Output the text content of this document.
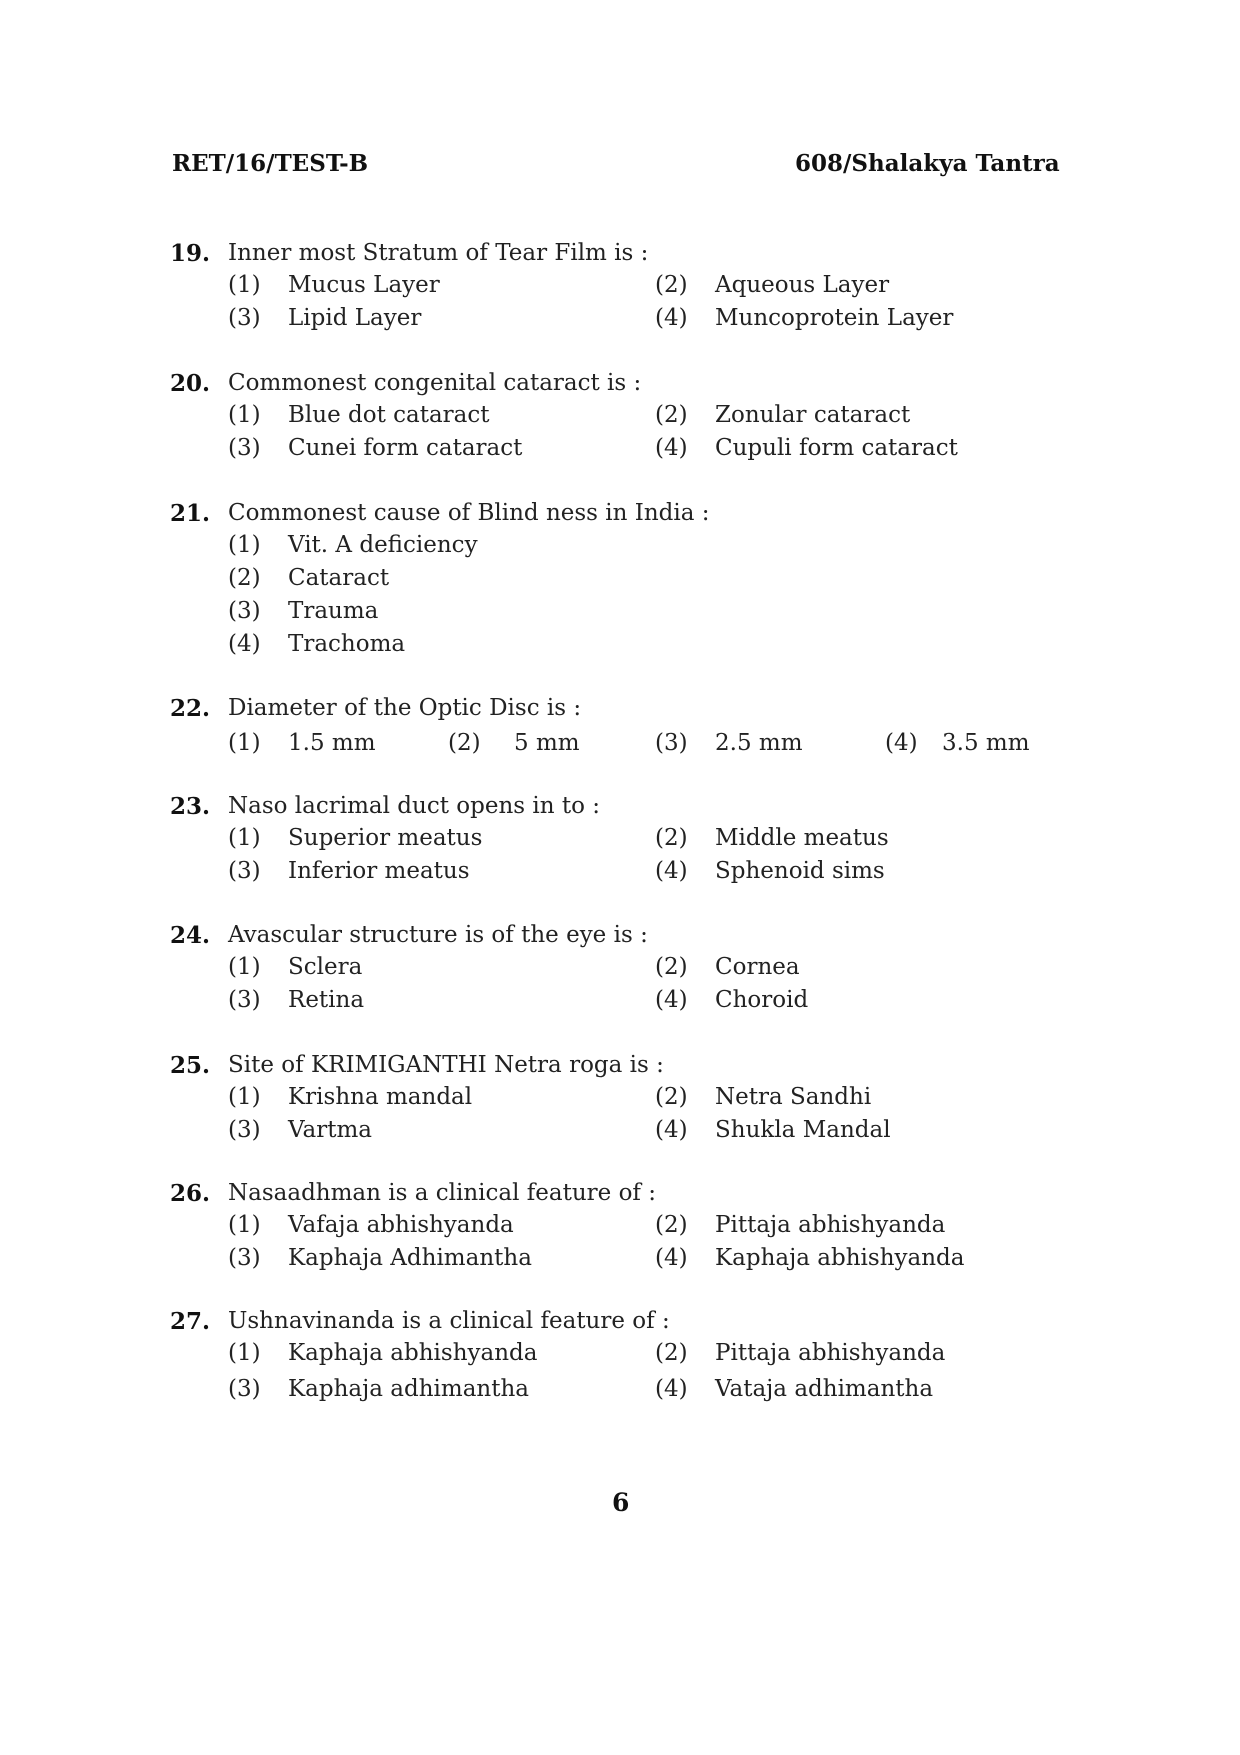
RET/16/TEST-B	608/Shalakya Tantra
19. Inner most Stratum of Tear Film is :
(1) Mucus Layer	(2) Aqueous Layer
(3) Lipid Layer	(4) Muncoprotein Layer
20. Commonest congenital cataract is :
(1) Blue dot cataract	(2) Zonular cataract
(3) Cunei form cataract	(4) Cupuli form cataract
21. Commonest cause of Blind ness in India :
(1) Vit. A deficiency
(2) Cataract
(3) Trauma
(4) Trachoma
22. Diameter of the Optic Disc is :
(1) 1.5 mm	(2) 5 mm	(3) 2.5 mm	(4) 3.5 mm
23. Naso lacrimal duct opens in to :
(1) Superior meatus	(2) Middle meatus
(3) Inferior meatus	(4) Sphenoid sims
24. Avascular structure is of the eye is :
(1) Sclera	(2) Cornea
(3) Retina	(4) Choroid
25. Site of KRIMIGANTHI Netra roga is :
(1) Krishna mandal	(2) Netra Sandhi
(3) Vartma	(4) Shukla Mandal
26. Nasaadhman is a clinical feature of :
(1) Vafaja abhishyanda	(2) Pittaja abhishyanda
(3) Kaphaja Adhimantha	(4) Kaphaja abhishyanda
27. Ushnavinanda is a clinical feature of :
(1) Kaphaja abhishyanda	(2) Pittaja abhishyanda
(3) Kaphaja adhimantha	(4) Vataja adhimantha
6
